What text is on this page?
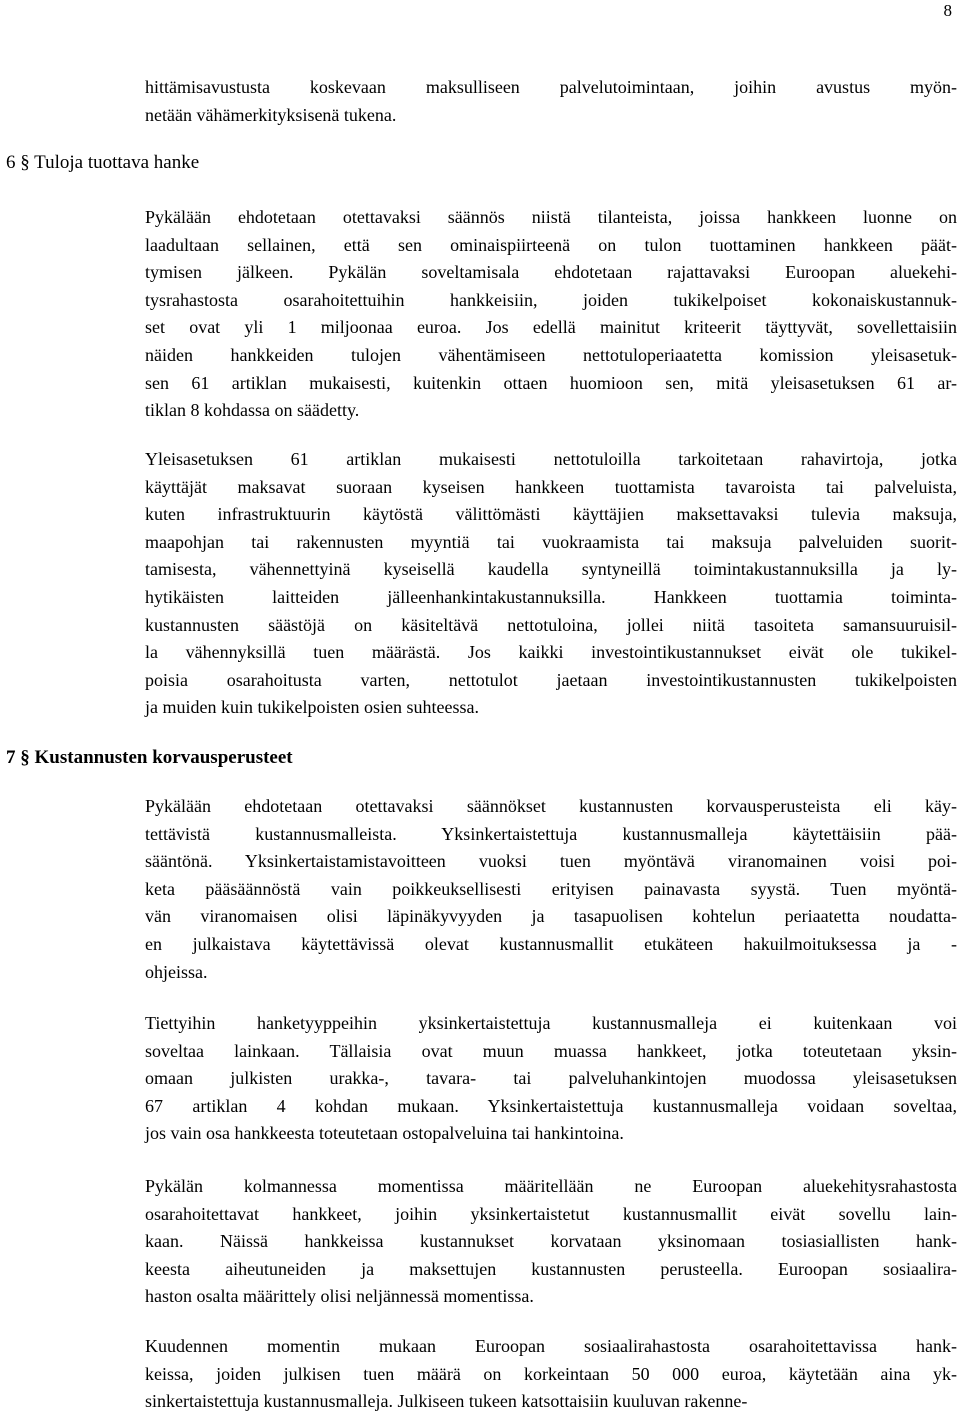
8
6 § Tuloja tuottava hanke
7 § Kustannusten korvausperusteet
hittämisavustusta koskevaan maksulliseen palvelutoimintaan, joihin avustus myön-
netään vähämerkityksisenä tukena.
Pykälään ehdotetaan otettavaksi säännös niistä tilanteista, joissa hankkeen luonne on
laadultaan sellainen, että sen ominaispiirteenä on tulon tuottaminen hankkeen päät-
tymisen jälkeen. Pykälän soveltamisala ehdotetaan rajattavaksi Euroopan aluekehi-
tysrahastosta osarahoitettuihin hankkeisiin, joiden tukikelpoiset kokonaiskustannuk-
set ovat yli 1 miljoonaa euroa. Jos edellä mainitut kriteerit täyttyvät, sovellettaisiin
näiden hankkeiden tulojen vähentämiseen nettotuloperiaatetta komission yleisasetuk-
sen 61 artiklan mukaisesti, kuitenkin ottaen huomioon sen, mitä yleisasetuksen 61 ar-
tiklan 8 kohdassa on säädetty.
Yleisasetuksen 61 artiklan mukaisesti nettotuloilla tarkoitetaan rahavirtoja, jotka
käyttäjät maksavat suoraan kyseisen hankkeen tuottamista tavaroista tai palveluista,
kuten infrastruktuurin käytöstä välittömästi käyttäjien maksettavaksi tulevia maksuja,
maapohjan tai rakennusten myyntiä tai vuokraamista tai maksuja palveluiden suorit-
tamisesta, vähennettyinä kyseisellä kaudella syntyneillä toimintakustannuksilla ja ly-
hytikäisten laitteiden jälleenhankintakustannuksilla. Hankkeen tuottamia toiminta-
kustannusten säästöjä on käsiteltävä nettotuloina, jollei niitä tasoiteta samansuuruisil-
la vähennyksillä tuen määrästä. Jos kaikki investointikustannukset eivät ole tukikel-
poisia osarahoitusta varten, nettotulot jaetaan investointikustannusten tukikelpoisten
ja muiden kuin tukikelpoisten osien suhteessa.
Pykälään ehdotetaan otettavaksi säännökset kustannusten korvausperusteista eli käy-
tettävistä kustannusmalleista. Yksinkertaistettuja kustannusmalleja käytettäisiin pää-
sääntönä. Yksinkertaistamistavoitteen vuoksi tuen myöntävä viranomainen voisi poi-
keta pääsäännöstä vain poikkeuksellisesti erityisen painavasta syystä. Tuen myöntä-
vän viranomaisen olisi läpinäkyvyyden ja tasapuolisen kohtelun periaatetta noudatta-
en julkaistava käytettävissä olevat kustannusmallit etukäteen hakuilmoituksessa ja -
ohjeissa.
Tiettyihin hanketyyppeihin yksinkertaistettuja kustannusmalleja ei kuitenkaan voi
soveltaa lainkaan. Tällaisia ovat muun muassa hankkeet, jotka toteutetaan yksin-
omaan julkisten urakka-, tavara- tai palveluhankintojen muodossa yleisasetuksen
67 artiklan 4 kohdan mukaan. Yksinkertaistettuja kustannusmalleja voidaan soveltaa,
jos vain osa hankkeesta toteutetaan ostopalveluina tai hankintoina.
Pykälän kolmannessa momentissa määritellään ne Euroopan aluekehitysrahastosta
osarahoitettavat hankkeet, joihin yksinkertaistetut kustannusmallit eivät sovellu lain-
kaan. Näissä hankkeissa kustannukset korvataan yksinomaan tosiasiallisten hank-
keesta aiheutuneiden ja maksettujen kustannusten perusteella. Euroopan sosiaalira-
haston osalta määrittely olisi neljännessä momentissa.
Kuudennen momentin mukaan Euroopan sosiaalirahastosta osarahoitettavissa hank-
keissa, joiden julkisen tuen määrä on korkeintaan 50 000 euroa, käytetään aina yk-
sinkertaistettuja kustannusmalleja. Julkiseen tukeen katsottaisiin kuuluvan rakenne-
